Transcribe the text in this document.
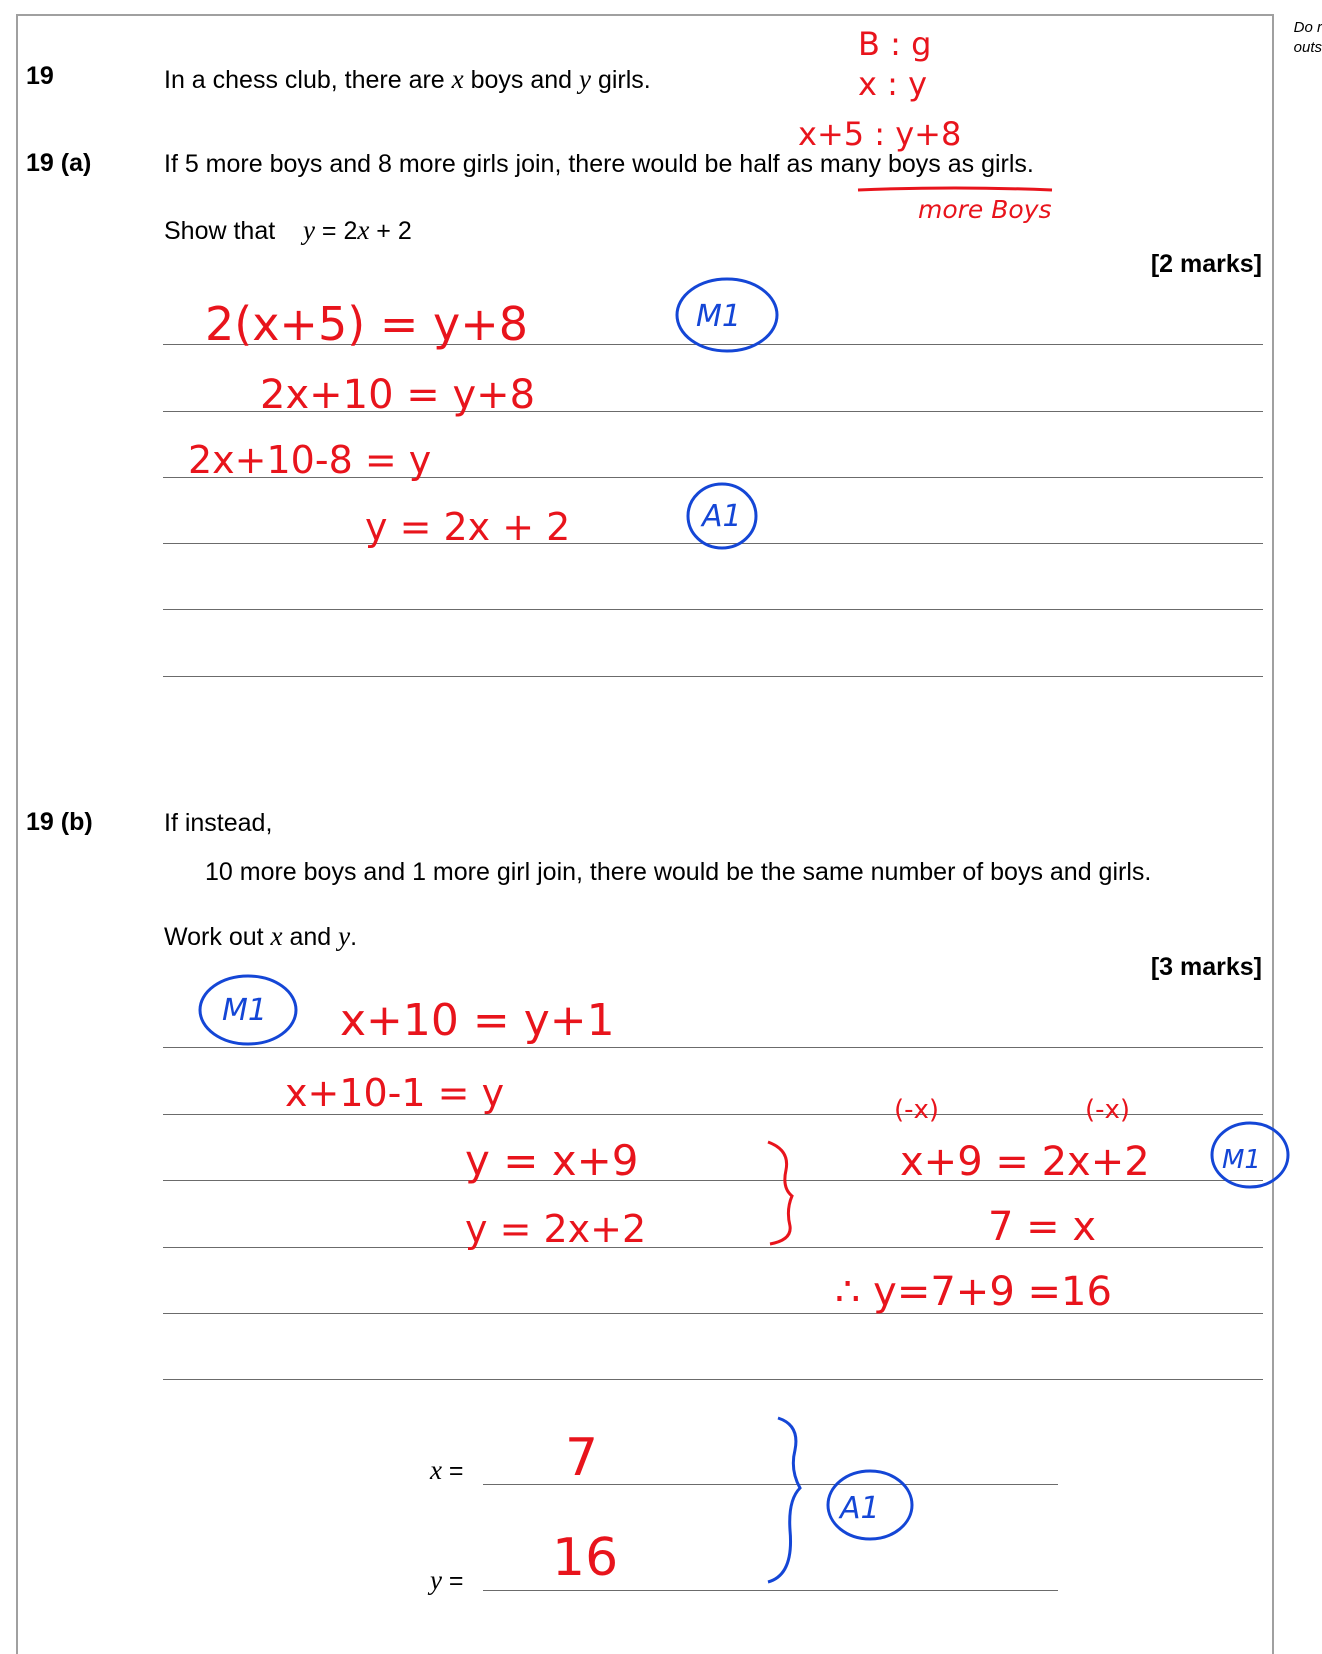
Do r
outs
19	In a chess club, there are x boys and y girls.
19 (a)	If 5 more boys and 8 more girls join, there would be half as many boys as girls.
Show that y = 2x + 2
[2 marks]
19 (b)	If instead,
10 more boys and 1 more girl join, there would be the same number of boys and girls.
Work out x and y.
[3 marks]
x =
y =
B : g
x : y
x+5 : y+8
more Boys
2(x+5) = y+8
2x+10 = y+8
2x+10-8 = y
y = 2x + 2
x+10 = y+1
x+10-1 = y
y = x+9
y = 2x+2
(-x)	(-x)
x+9 = 2x+2
7 = x
∴ y=7+9 =16
7
16
M1
A1
M1
M1
A1
